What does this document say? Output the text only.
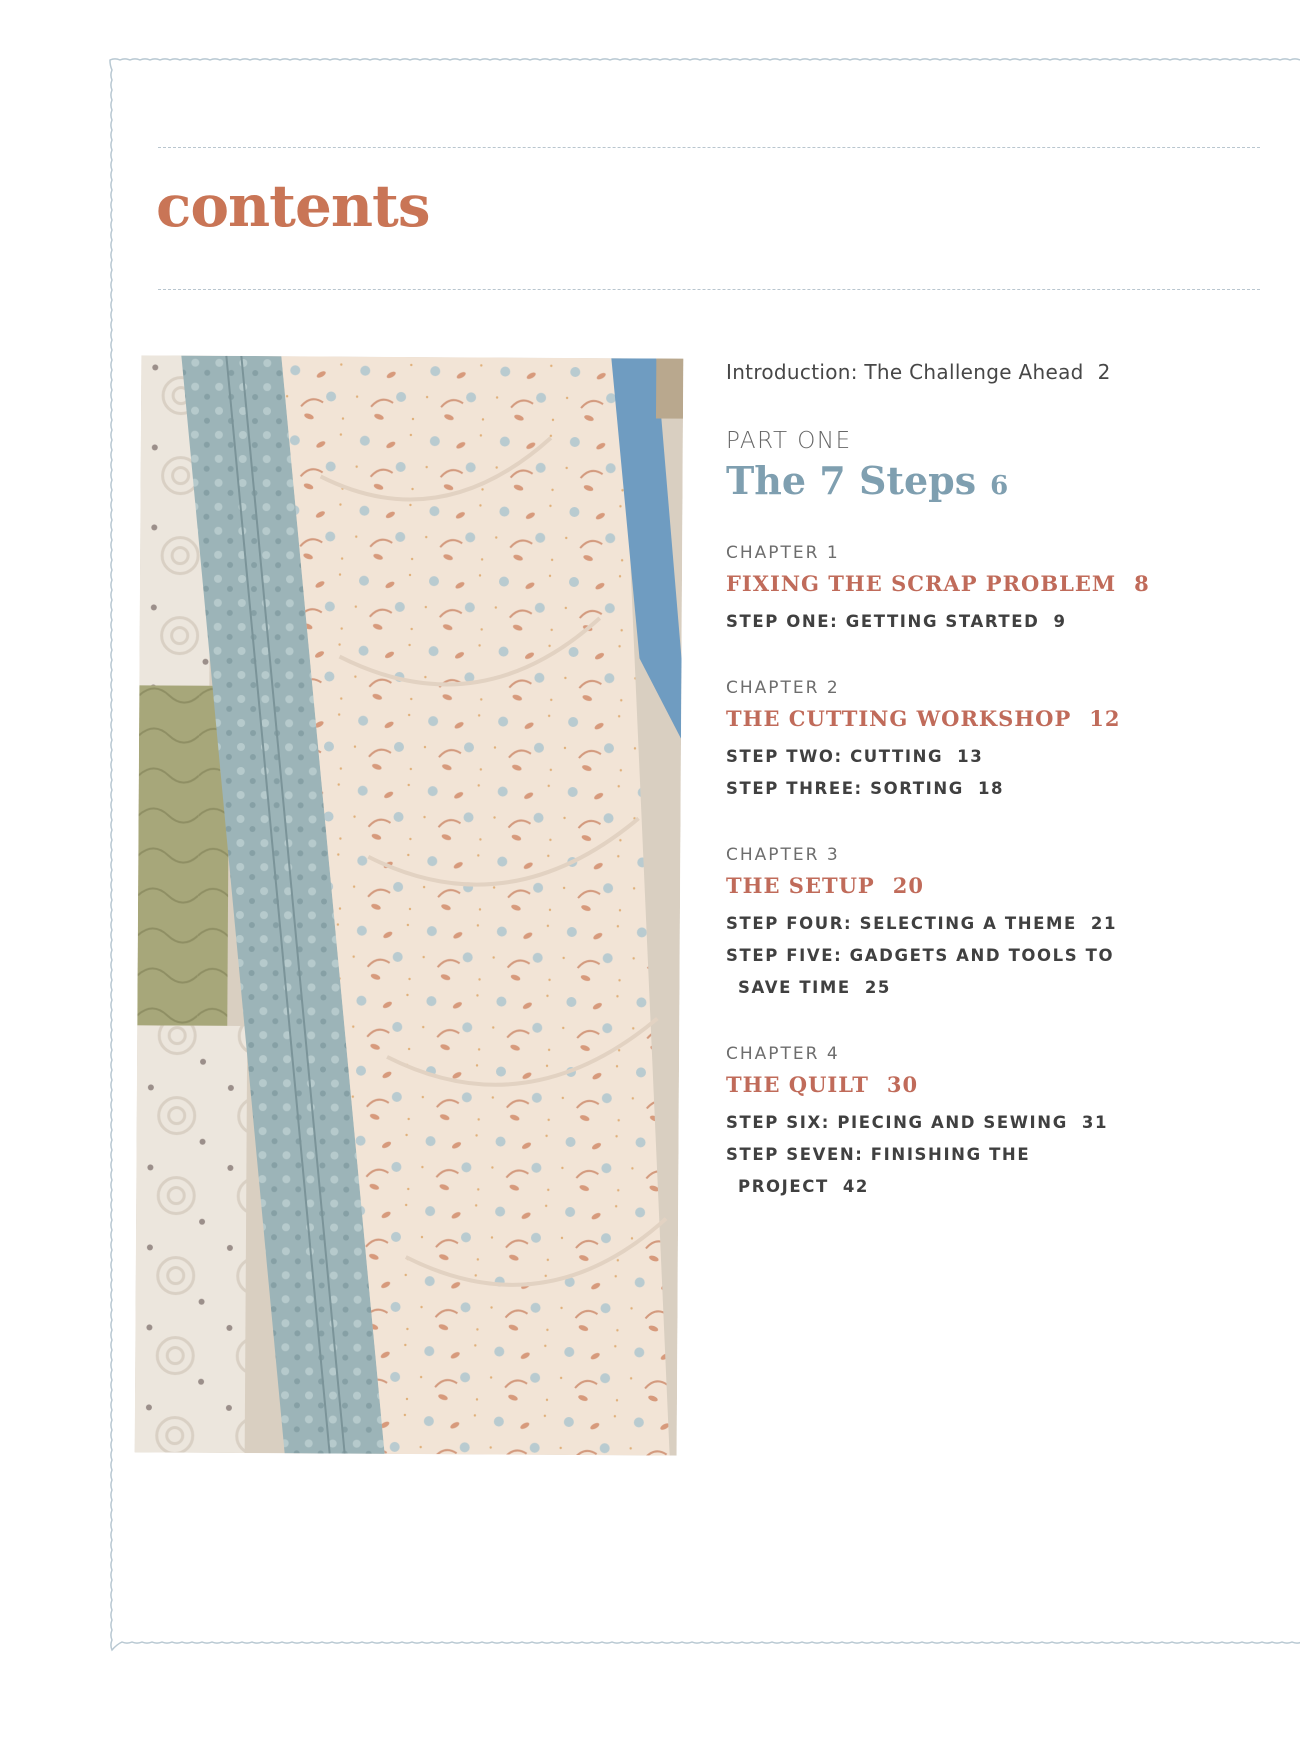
contents
Introduction: The Challenge Ahead 2
PART ONE
The 7 Steps 6
CHAPTER 1
FIXING THE SCRAP PROBLEM 8
STEP ONE: GETTING STARTED 9
CHAPTER 2
THE CUTTING WORKSHOP 12
STEP TWO: CUTTING 13
STEP THREE: SORTING 18
CHAPTER 3
THE SETUP 20
STEP FOUR: SELECTING A THEME 21
STEP FIVE: GADGETS AND TOOLS TO
SAVE TIME 25
CHAPTER 4
THE QUILT 30
STEP SIX: PIECING AND SEWING 31
STEP SEVEN: FINISHING THE
PROJECT 42
